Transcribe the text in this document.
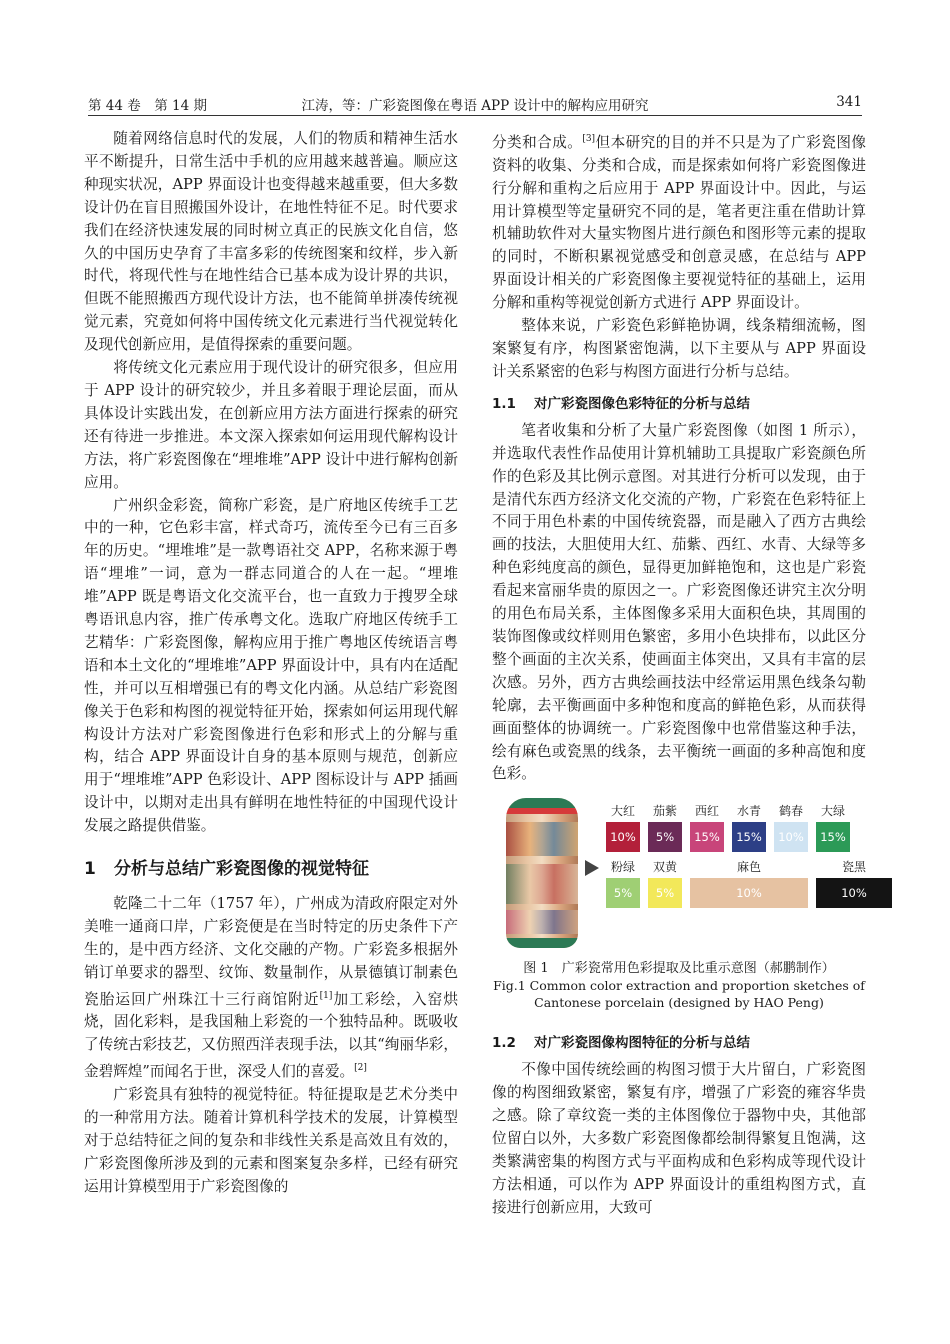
第 44 卷　第 14 期	江涛，等：广彩瓷图像在粤语 APP 设计中的解构应用研究	341

随着网络信息时代的发展，人们的物质和精神生活水平不断提升，日常生活中手机的应用越来越普遍。顺应这种现实状况，APP 界面设计也变得越来越重要，但大多数设计仍在盲目照搬国外设计，在地性特征不足。时代要求我们在经济快速发展的同时树立真正的民族文化自信，悠久的中国历史孕育了丰富多彩的传统图案和纹样，步入新时代，将现代性与在地性结合已基本成为设计界的共识，但既不能照搬西方现代设计方法，也不能简单拼凑传统视觉元素，究竟如何将中国传统文化元素进行当代视觉转化及现代创新应用，是值得探索的重要问题。

将传统文化元素应用于现代设计的研究很多，但应用于 APP 设计的研究较少，并且多着眼于理论层面，而从具体设计实践出发，在创新应用方法方面进行探索的研究还有待进一步推进。本文深入探索如何运用现代解构设计方法，将广彩瓷图像在“埋堆堆”APP 设计中进行解构创新应用。

广州织金彩瓷，简称广彩瓷，是广府地区传统手工艺中的一种，它色彩丰富，样式奇巧，流传至今已有三百多年的历史。“埋堆堆”是一款粤语社交 APP，名称来源于粤语“埋堆”一词，意为一群志同道合的人在一起。“埋堆堆”APP 既是粤语文化交流平台，也一直致力于搜罗全球粤语讯息内容，推广传承粤文化。选取广府地区传统手工艺精华：广彩瓷图像，解构应用于推广粤地区传统语言粤语和本土文化的“埋堆堆”APP 界面设计中，具有内在适配性，并可以互相增强已有的粤文化内涵。从总结广彩瓷图像关于色彩和构图的视觉特征开始，探索如何运用现代解构设计方法对广彩瓷图像进行色彩和形式上的分解与重构，结合 APP 界面设计自身的基本原则与规范，创新应用于“埋堆堆”APP 色彩设计、APP 图标设计与 APP 插画设计中，以期对走出具有鲜明在地性特征的中国现代设计发展之路提供借鉴。

1 分析与总结广彩瓷图像的视觉特征

乾隆二十二年（1757 年），广州成为清政府限定对外美唯一通商口岸，广彩瓷便是在当时特定的历史条件下产生的，是中西方经济、文化交融的产物。广彩瓷多根据外销订单要求的器型、纹饰、数量制作，从景德镇订制素色瓷胎运回广州珠江十三行商馆附近[1]加工彩绘，入窑烘烧，固化彩料，是我国釉上彩瓷的一个独特品种。既吸收了传统古彩技艺，又仿照西洋表现手法，以其“绚丽华彩，金碧辉煌”而闻名于世，深受人们的喜爱。[2]

广彩瓷具有独特的视觉特征。特征提取是艺术分类中的一种常用方法。随着计算机科学技术的发展，计算模型对于总结特征之间的复杂和非线性关系是高效且有效的，广彩瓷图像所涉及到的元素和图案复杂多样，已经有研究运用计算模型用于广彩瓷图像的

分类和合成。[3]但本研究的目的并不只是为了广彩瓷图像资料的收集、分类和合成，而是探索如何将广彩瓷图像进行分解和重构之后应用于 APP 界面设计中。因此，与运用计算模型等定量研究不同的是，笔者更注重在借助计算机辅助软件对大量实物图片进行颜色和图形等元素的提取的同时，不断积累视觉感受和创意灵感，在总结与 APP 界面设计相关的广彩瓷图像主要视觉特征的基础上，运用分解和重构等视觉创新方式进行 APP 界面设计。

整体来说，广彩瓷色彩鲜艳协调，线条精细流畅，图案繁复有序，构图紧密饱满，以下主要从与 APP 界面设计关系紧密的色彩与构图方面进行分析与总结。

1.1 对广彩瓷图像色彩特征的分析与总结

笔者收集和分析了大量广彩瓷图像（如图 1 所示），并选取代表性作品使用计算机辅助工具提取广彩瓷颜色所作的色彩及其比例示意图。对其进行分析可以发现，由于是清代东西方经济文化交流的产物，广彩瓷在色彩特征上不同于用色朴素的中国传统瓷器，而是融入了西方古典绘画的技法，大胆使用大红、茄紫、西红、水青、大绿等多种色彩纯度高的颜色，显得更加鲜艳饱和，这也是广彩瓷看起来富丽华贵的原因之一。广彩瓷图像还讲究主次分明的用色布局关系，主体图像多采用大面积色块，其周围的装饰图像或纹样则用色繁密，多用小色块排布，以此区分整个画面的主次关系，使画面主体突出，又具有丰富的层次感。另外，西方古典绘画技法中经常运用黑色线条勾勒轮廓，去平衡画面中多种饱和度高的鲜艳色彩，从而获得画面整体的协调统一。广彩瓷图像中也常借鉴这种手法，绘有麻色或瓷黑的线条，去平衡统一画面的多种高饱和度色彩。

大红
10%
茄紫
5%
西红
15%
水青
15%
鹤春
10%
大绿
15%
粉绿
5%
双黄
5%
麻色
10%
瓷黑
10%
图 1　广彩瓷常用色彩提取及比重示意图（郝鹏制作）
Fig.1 Common color extraction and proportion sketches of
Cantonese porcelain (designed by HAO Peng)
1.2 对广彩瓷图像构图特征的分析与总结

不像中国传统绘画的构图习惯于大片留白，广彩瓷图像的构图细致紧密，繁复有序，增强了广彩瓷的雍容华贵之感。除了章纹瓷一类的主体图像位于器物中央，其他部位留白以外，大多数广彩瓷图像都绘制得繁复且饱满，这类繁满密集的构图方式与平面构成和色彩构成等现代设计方法相通，可以作为 APP 界面设计的重组构图方式，直接进行创新应用，大致可
